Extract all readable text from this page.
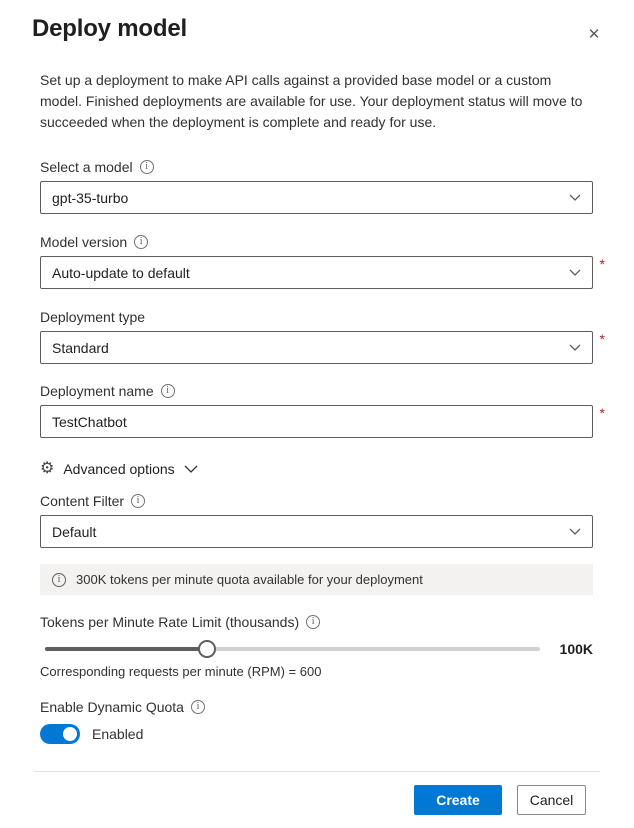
Deploy model	✕

Set up a deployment to make API calls against a provided base model or a custom model. Finished deployments are available for use. Your deployment status will move to succeeded when the deployment is complete and ready for use.

Select a model	i
gpt-35-turbo
Model version	i
Auto-update to default
*
Deployment type
Standard
*
Deployment name	i
TestChatbot
*
⚙ Advanced options
Content Filter	i
Default
i	300K tokens per minute quota available for your deployment
Tokens per Minute Rate Limit (thousands)	i
100K
Corresponding requests per minute (RPM) = 600
Enable Dynamic Quota	i
Enabled
Create	Cancel
